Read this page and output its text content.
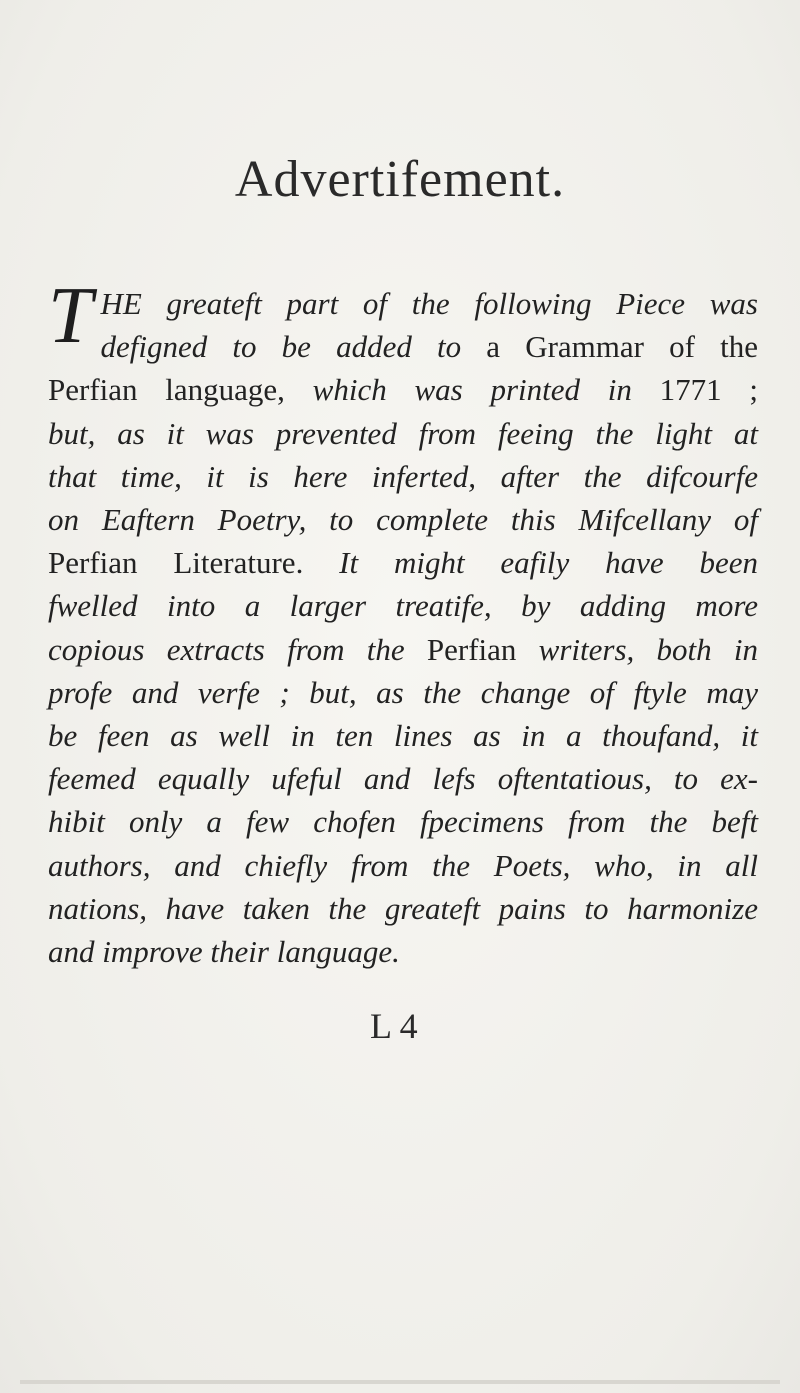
Advertifement.
T HE greateft part of the following Piece was
defigned to be added to a Grammar of the
Perfian language, which was printed in 1771 ;
but, as it was prevented from feeing the light at
that time, it is here inferted, after the difcourfe
on Eaftern Poetry, to complete this Mifcellany of
Perfian Literature. It might eafily have been
fwelled into a larger treatife, by adding more
copious extracts from the Perfian writers, both in
profe and verfe ; but, as the change of ftyle may
be feen as well in ten lines as in a thoufand, it
feemed equally ufeful and lefs oftentatious, to ex-
hibit only a few chofen fpecimens from the beft
authors, and chiefly from the Poets, who, in all
nations, have taken the greateft pains to harmonize
and improve their language.
L 4
